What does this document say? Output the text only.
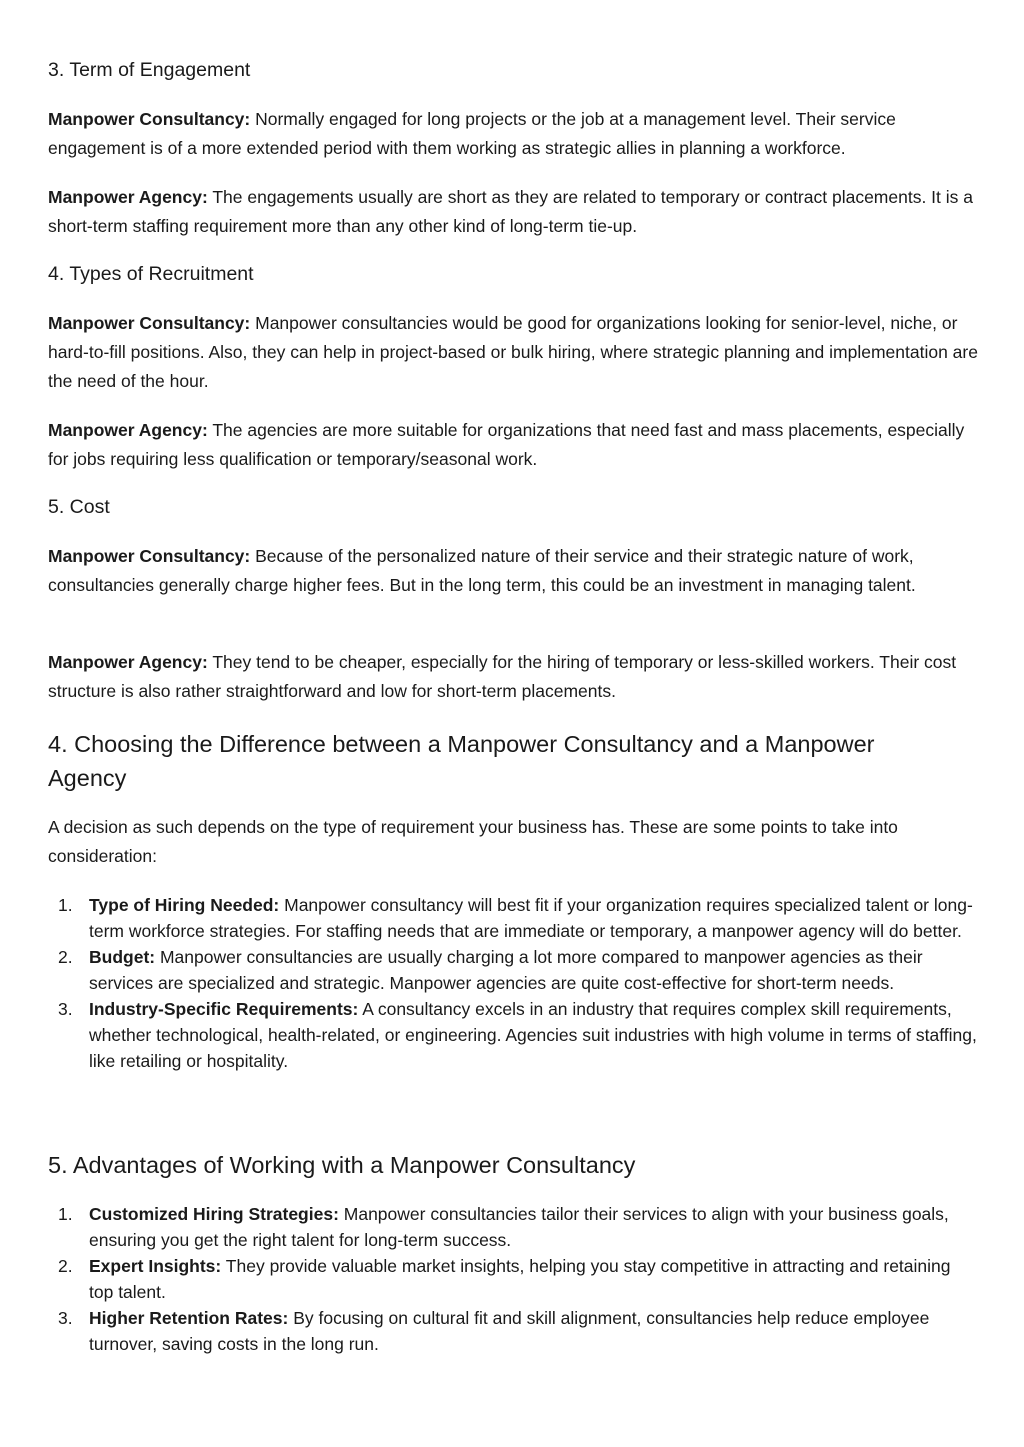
3. Term of Engagement

Manpower Consultancy: Normally engaged for long projects or the job at a management level. Their service engagement is of a more extended period with them working as strategic allies in planning a workforce.

Manpower Agency: The engagements usually are short as they are related to temporary or contract placements. It is a short-term staffing requirement more than any other kind of long-term tie-up.

4. Types of Recruitment

Manpower Consultancy: Manpower consultancies would be good for organizations looking for senior-level, niche, or hard-to-fill positions. Also, they can help in project-based or bulk hiring, where strategic planning and implementation are the need of the hour.

Manpower Agency: The agencies are more suitable for organizations that need fast and mass placements, especially for jobs requiring less qualification or temporary/seasonal work.

5. Cost

Manpower Consultancy: Because of the personalized nature of their service and their strategic nature of work, consultancies generally charge higher fees. But in the long term, this could be an investment in managing talent.

Manpower Agency: They tend to be cheaper, especially for the hiring of temporary or less-skilled workers. Their cost structure is also rather straightforward and low for short-term placements.

4. Choosing the Difference between a Manpower Consultancy and a Manpower Agency

A decision as such depends on the type of requirement your business has. These are some points to take into consideration:

1. Type of Hiring Needed: Manpower consultancy will best fit if your organization requires specialized talent or long-term workforce strategies. For staffing needs that are immediate or temporary, a manpower agency will do better.
2. Budget: Manpower consultancies are usually charging a lot more compared to manpower agencies as their services are specialized and strategic. Manpower agencies are quite cost-effective for short-term needs.
3. Industry-Specific Requirements: A consultancy excels in an industry that requires complex skill requirements, whether technological, health-related, or engineering. Agencies suit industries with high volume in terms of staffing, like retailing or hospitality.
5. Advantages of Working with a Manpower Consultancy
1. Customized Hiring Strategies: Manpower consultancies tailor their services to align with your business goals, ensuring you get the right talent for long-term success.
2. Expert Insights: They provide valuable market insights, helping you stay competitive in attracting and retaining top talent.
3. Higher Retention Rates: By focusing on cultural fit and skill alignment, consultancies help reduce employee turnover, saving costs in the long run.
